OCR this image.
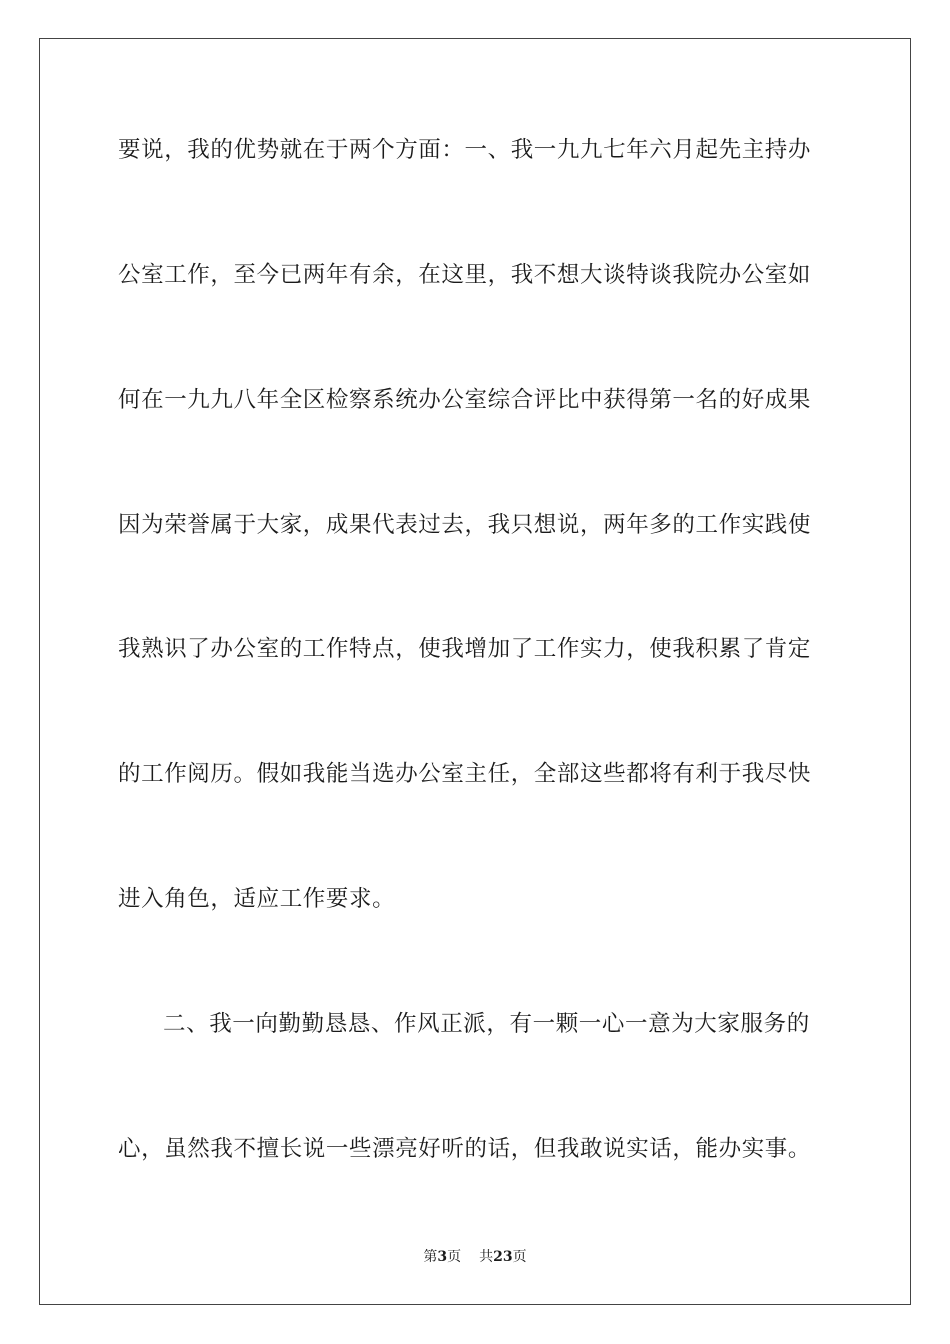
要说，我的优势就在于两个方面：一、我一九九七年六月起先主持办
公室工作，至今已两年有余，在这里，我不想大谈特谈我院办公室如
何在一九九八年全区检察系统办公室综合评比中获得第一名的好成果
因为荣誉属于大家，成果代表过去，我只想说，两年多的工作实践使
我熟识了办公室的工作特点，使我增加了工作实力，使我积累了肯定
的工作阅历。假如我能当选办公室主任，全部这些都将有利于我尽快
进入角色，适应工作要求。
二、我一向勤勤恳恳、作风正派，有一颗一心一意为大家服务的
心，虽然我不擅长说一些漂亮好听的话，但我敢说实话，能办实事。
第3页 共23页
